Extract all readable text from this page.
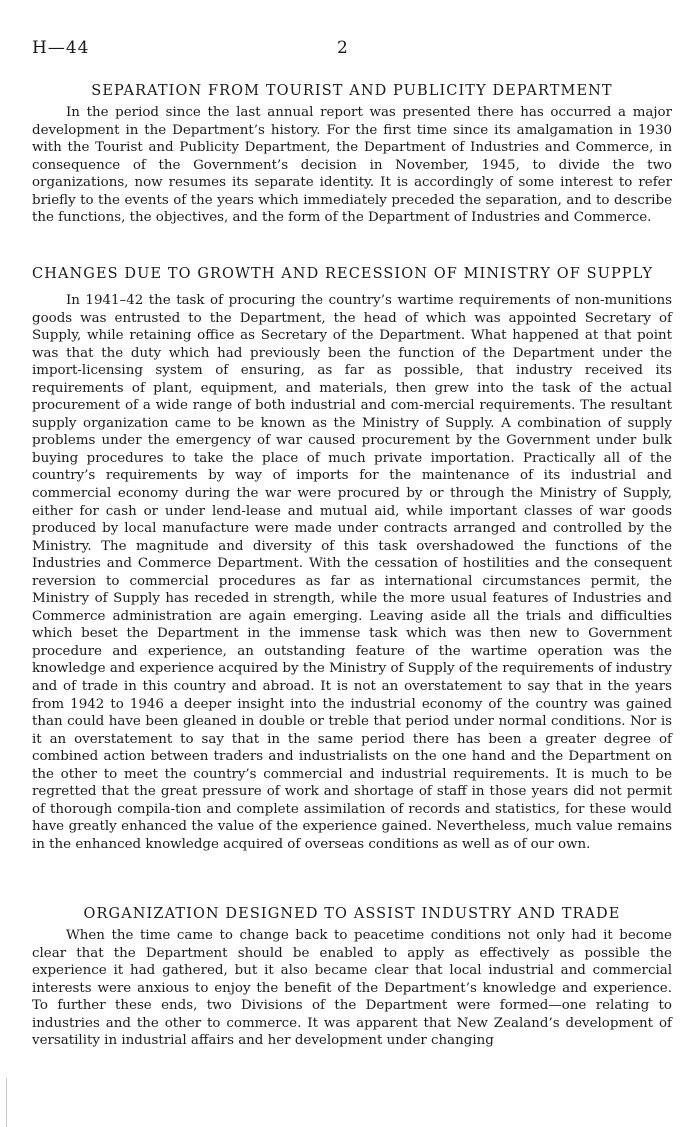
H—44	2
SEPARATION FROM TOURIST AND PUBLICITY DEPARTMENT

In the period since the last annual report was presented there has occurred a major development in the Department’s history. For the first time since its amalgamation in 1930 with the Tourist and Publicity Department, the Department of Industries and Commerce, in consequence of the Government’s decision in November, 1945, to divide the two organizations, now resumes its separate identity. It is accordingly of some interest to refer briefly to the events of the years which immediately preceded the separation, and to describe the functions, the objectives, and the form of the Department of Industries and Commerce.

CHANGES DUE TO GROWTH AND RECESSION OF MINISTRY OF SUPPLY

In 1941–42 the task of procuring the country’s wartime requirements of non-munitions goods was entrusted to the Department, the head of which was appointed Secretary of Supply, while retaining office as Secretary of the Department. What happened at that point was that the duty which had previously been the function of the Department under the import-licensing system of ensuring, as far as possible, that industry received its requirements of plant, equipment, and materials, then grew into the task of the actual procurement of a wide range of both industrial and com-mercial requirements. The resultant supply organization came to be known as the Ministry of Supply. A combination of supply problems under the emergency of war caused procurement by the Government under bulk buying procedures to take the place of much private importation. Practically all of the country’s requirements by way of imports for the maintenance of its industrial and commercial economy during the war were procured by or through the Ministry of Supply, either for cash or under lend-lease and mutual aid, while important classes of war goods produced by local manufacture were made under contracts arranged and controlled by the Ministry. The magnitude and diversity of this task overshadowed the functions of the Industries and Commerce Department. With the cessation of hostilities and the consequent reversion to commercial procedures as far as international circumstances permit, the Ministry of Supply has receded in strength, while the more usual features of Industries and Commerce administration are again emerging. Leaving aside all the trials and difficulties which beset the Department in the immense task which was then new to Government procedure and experience, an outstanding feature of the wartime operation was the knowledge and experience acquired by the Ministry of Supply of the requirements of industry and of trade in this country and abroad. It is not an overstatement to say that in the years from 1942 to 1946 a deeper insight into the industrial economy of the country was gained than could have been gleaned in double or treble that period under normal conditions. Nor is it an overstatement to say that in the same period there has been a greater degree of combined action between traders and industrialists on the one hand and the Department on the other to meet the country’s commercial and industrial requirements. It is much to be regretted that the great pressure of work and shortage of staff in those years did not permit of thorough compila-tion and complete assimilation of records and statistics, for these would have greatly enhanced the value of the experience gained. Nevertheless, much value remains in the enhanced knowledge acquired of overseas conditions as well as of our own.

ORGANIZATION DESIGNED TO ASSIST INDUSTRY AND TRADE

When the time came to change back to peacetime conditions not only had it become clear that the Department should be enabled to apply as effectively as possible the experience it had gathered, but it also became clear that local industrial and commercial interests were anxious to enjoy the benefit of the Department’s knowledge and experience. To further these ends, two Divisions of the Department were formed—one relating to industries and the other to commerce. It was apparent that New Zealand’s development of versatility in industrial affairs and her development under changing
